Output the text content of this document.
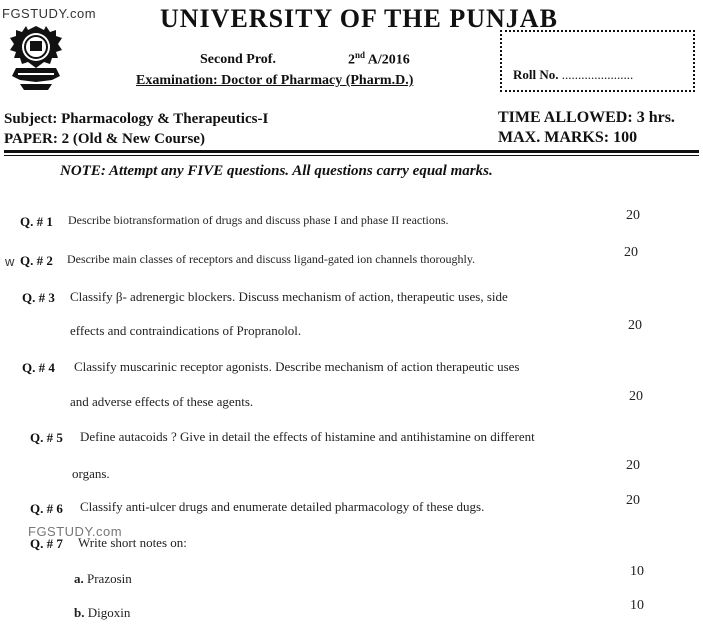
FGSTUDY.com
FGSTUDY.com
w
UNIVERSITY OF THE PUNJAB
Second Prof.	2nd A/2016
Examination: Doctor of Pharmacy (Pharm.D.)	Roll No. ......................
Subject: Pharmacology & Therapeutics-I
PAPER: 2 (Old & New Course)
TIME ALLOWED: 3 hrs.
MAX. MARKS: 100
NOTE: Attempt any FIVE questions. All questions carry equal marks.
Q. # 1 Describe biotransformation of drugs and discuss phase I and phase II reactions.	20
Q. # 2 Describe main classes of receptors and discuss ligand-gated ion channels thoroughly.	20
Q. # 3 Classify β- adrenergic blockers. Discuss mechanism of action, therapeutic uses, side
effects and contraindications of Propranolol.	20
Q. # 4 Classify muscarinic receptor agonists. Describe mechanism of action therapeutic uses
and adverse effects of these agents.	20
Q. # 5 Define autacoids ? Give in detail the effects of histamine and antihistamine on different
organs.
20
Q. # 6 Classify anti-ulcer drugs and enumerate detailed pharmacology of these dugs.	20
Q. # 7 Write short notes on:
a. Prazosin	10
b. Digoxin	10
